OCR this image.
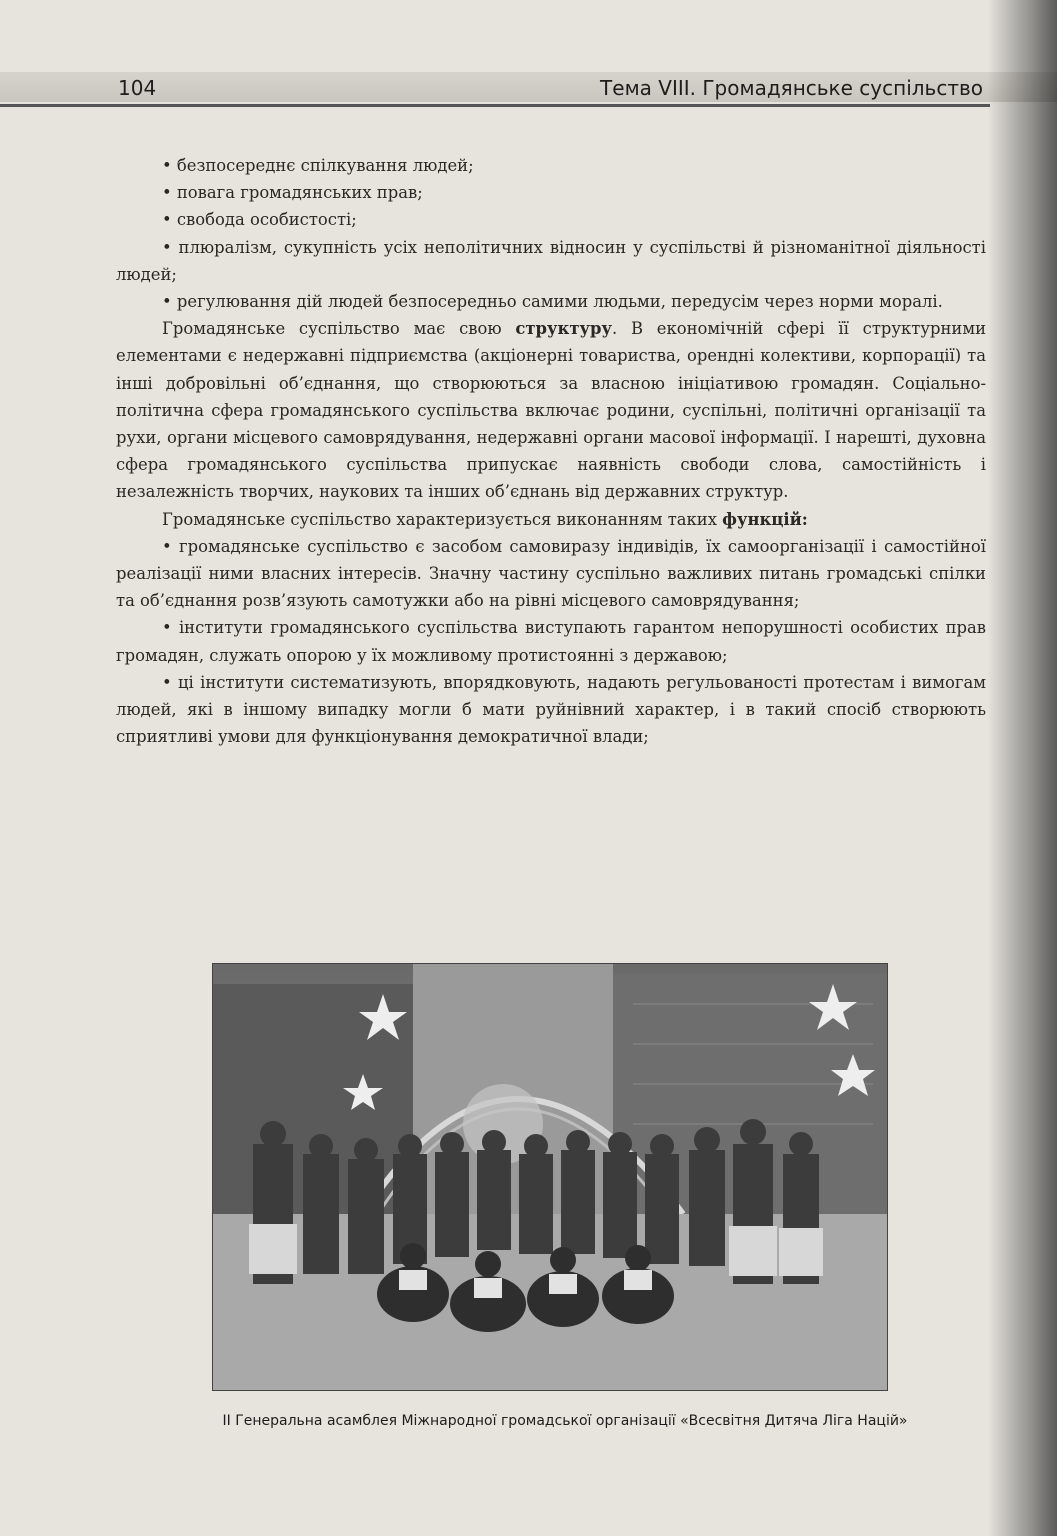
104	Тема VIII. Громадянське суспільство

• безпосереднє спілкування людей;

• повага громадянських прав;

• свобода особистості;

• плюралізм, сукупність усіх неполітичних відносин у суспільстві й різноманітної діяльності людей;

• регулювання дій людей безпосередньо самими людьми, передусім через норми моралі.

Громадянське суспільство має свою структуру. В економічній сфері її структурними елементами є недержавні підприємства (акціонерні товариства, орендні колективи, корпорації) та інші добровільні об’єднання, що створюються за власною ініціативою громадян. Соціально-політична сфера громадянського суспільства включає родини, суспільні, політичні організації та рухи, органи місцевого самоврядування, недержавні органи масової інформації. І нарешті, духовна сфера громадянського суспільства припускає наявність свободи слова, самостійність і незалежність творчих, наукових та інших об’єднань від державних структур.

Громадянське суспільство характеризується виконанням таких функцій:

• громадянське суспільство є засобом самовиразу індивідів, їх самоорганізації і самостійної реалізації ними власних інтересів. Значну частину суспільно важливих питань громадські спілки та об’єднання розв’язують самотужки або на рівні місцевого самоврядування;

• інститути громадянського суспільства виступають гарантом непорушності особистих прав громадян, служать опорою у їх можливому протистоянні з державою;

• ці інститути систематизують, впорядковують, надають регульованості протестам і вимогам людей, які в іншому випадку могли б мати руйнівний характер, і в такий спосіб створюють сприятливі умови для функціонування демократичної влади;

ІІ Генеральна асамблея Міжнародної громадської організації «Всесвітня Дитяча Ліга Націй»
